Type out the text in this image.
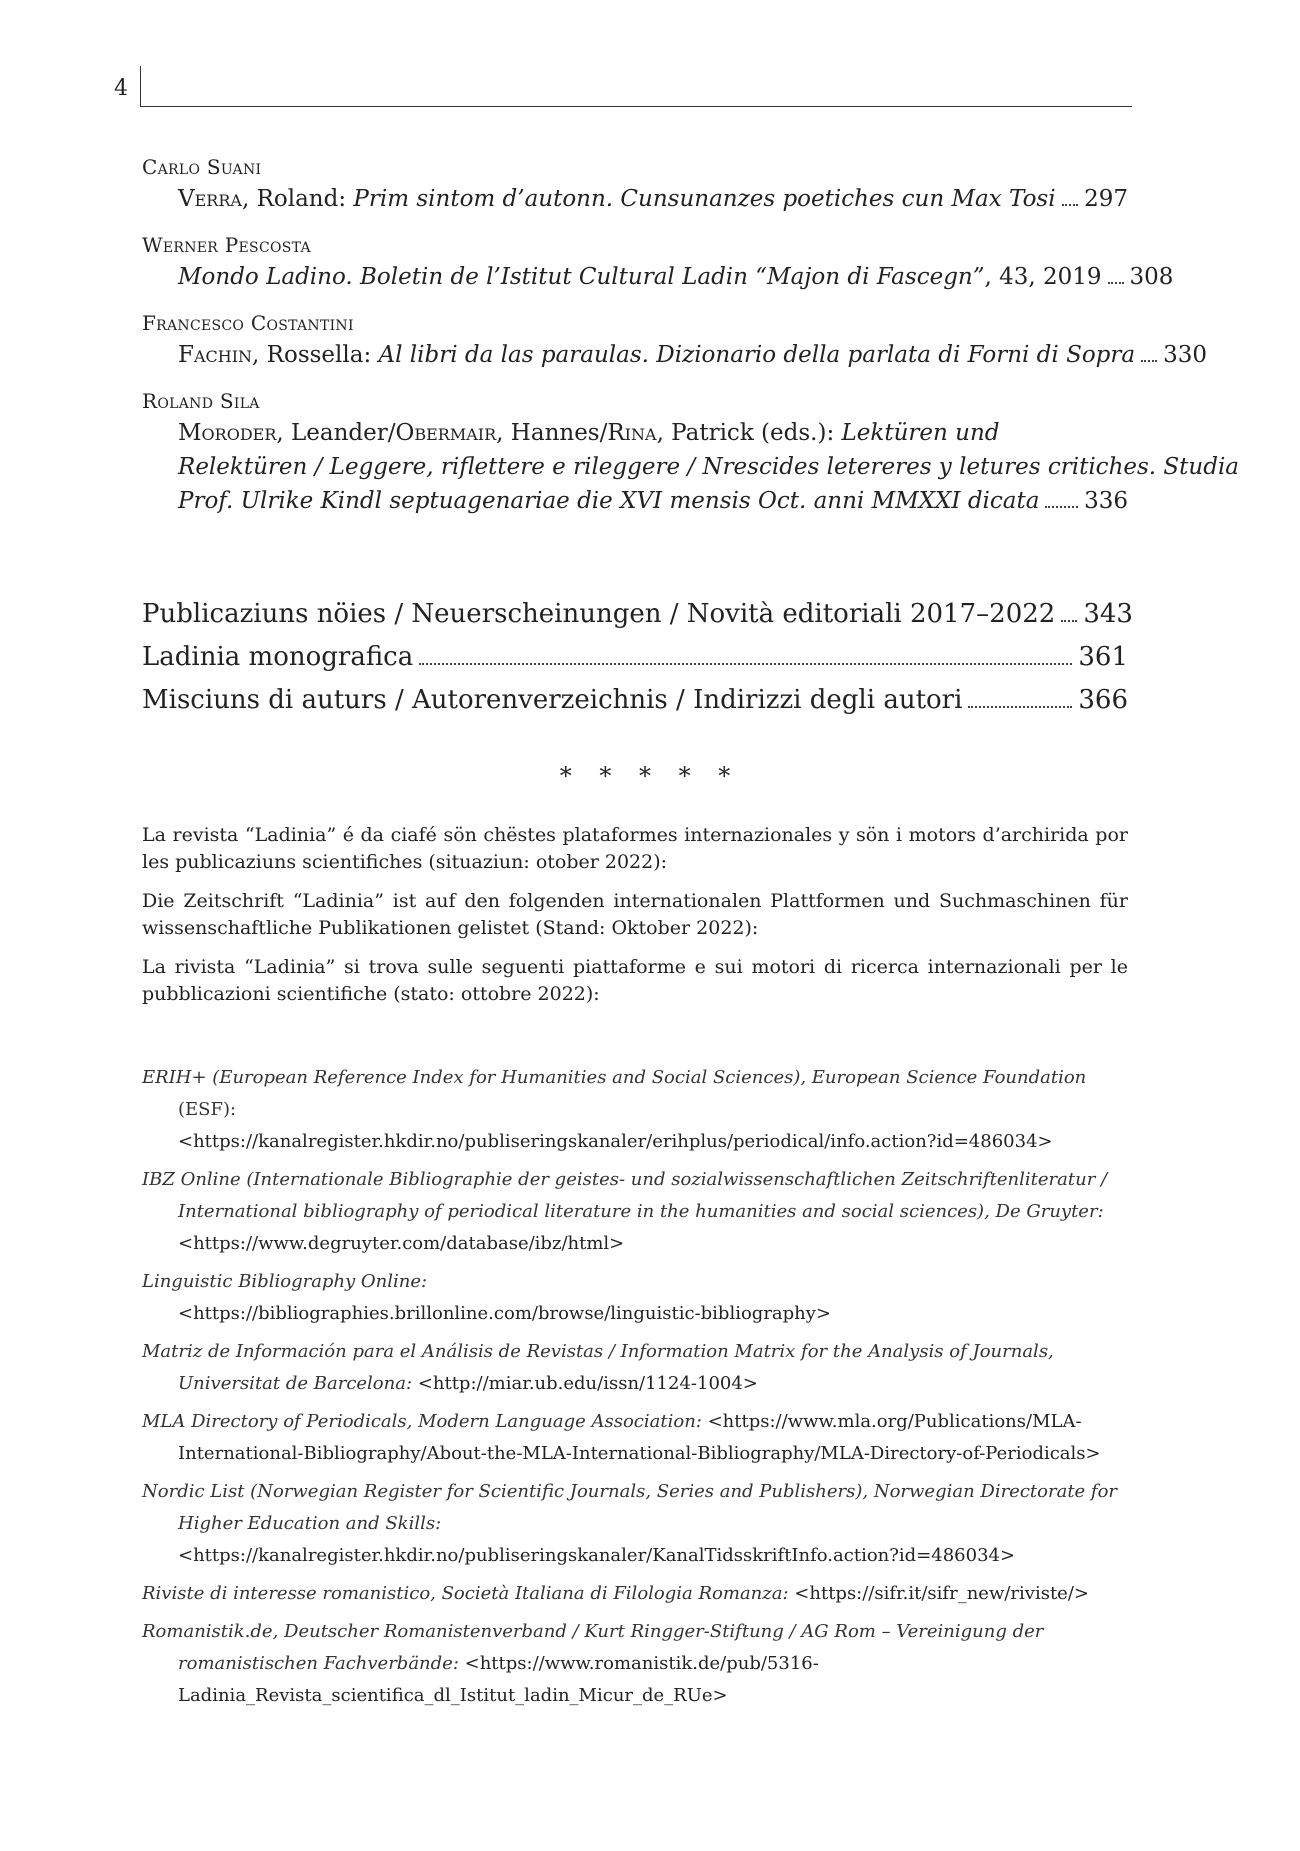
4
Carlo Suani
Verra, Roland: Prim sintom d’autonn. Cunsunanzes poetiches cun Max Tosi 297
Werner Pescosta
Mondo Ladino. Boletin de l’Istitut Cultural Ladin “Majon di Fascegn”, 43, 2019 308
Francesco Costantini
Fachin, Rossella: Al libri da las paraulas. Dizionario della parlata di Forni di Sopra 330
Roland Sila
Moroder, Leander/Obermair, Hannes/Rina, Patrick (eds.): Lektüren und
Relektüren / Leggere, riflettere e rileggere / Nrescides letereres y letures critiches. Studia
Prof. Ulrike Kindl septuagenariae die XVI mensis Oct. anni MMXXI dicata 336
Publicaziuns nöies / Neuerscheinungen / Novità editoriali 2017–2022 343
Ladinia monografica	361
Misciuns di auturs / Autorenverzeichnis / Indirizzi degli autori	366
* * * * *

La revista “Ladinia” é da ciafé sön chëstes plataformes internazionales y sön i motors d’archirida por les publicaziuns scientifiches (situaziun: otober 2022):

Die Zeitschrift “Ladinia” ist auf den folgenden internationalen Plattformen und Suchmaschinen für wissenschaftliche Publikationen gelistet (Stand: Oktober 2022):

La rivista “Ladinia” si trova sulle seguenti piattaforme e sui motori di ricerca internazionali per le pubblicazioni scientifiche (stato: ottobre 2022):

ERIH+ (European Reference Index for Humanities and Social Sciences), European Science Foundation (ESF):
<https://kanalregister.hkdir.no/publiseringskanaler/erihplus/periodical/info.action?id=486034>
IBZ Online (Internationale Bibliographie der geistes- und sozialwissenschaftlichen Zeitschriftenliteratur / International bibliography of periodical literature in the humanities and social sciences), De Gruyter:
<https://www.degruyter.com/database/ibz/html>
Linguistic Bibliography Online:
<https://bibliographies.brillonline.com/browse/linguistic-bibliography>
Matriz de Información para el Análisis de Revistas / Information Matrix for the Analysis of Journals, Universitat de Barcelona: <http://miar.ub.edu/issn/1124-1004>
MLA Directory of Periodicals, Modern Language Association: <https://www.mla.org/Publications/MLA-International-Bibliography/About-the-MLA-International-Bibliography/MLA-Directory-of-Periodicals>
Nordic List (Norwegian Register for Scientific Journals, Series and Publishers), Norwegian Directorate for Higher Education and Skills: <https://kanalregister.hkdir.no/publiseringskanaler/KanalTidsskriftInfo.action?id=486034>
Riviste di interesse romanistico, Società Italiana di Filologia Romanza: <https://sifr.it/sifr_new/riviste/>
Romanistik.de, Deutscher Romanistenverband / Kurt Ringger-Stiftung / AG Rom – Vereinigung der romanistischen Fachverbände: <https://www.romanistik.de/pub/5316-Ladinia_Revista_scientifica_dl_Istitut_ladin_Micur_de_RUe>
